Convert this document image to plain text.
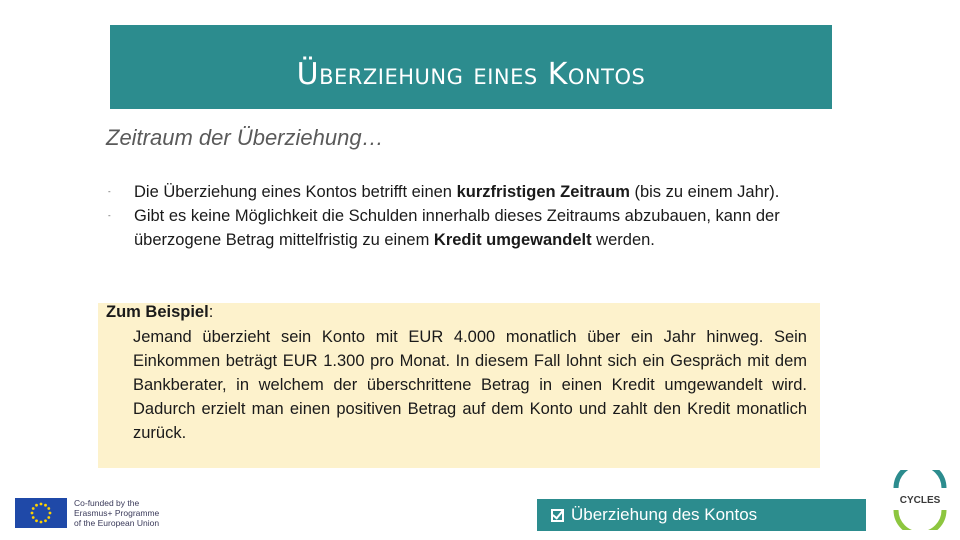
Überziehung eines Kontos
Zeitraum der Überziehung…
- Die Überziehung eines Kontos betrifft einen kurzfristigen Zeitraum (bis zu einem Jahr).
- Gibt es keine Möglichkeit die Schulden innerhalb dieses Zeitraums abzubauen, kann der überzogene Betrag mittelfristig zu einem Kredit umgewandelt werden.
Zum Beispiel:
Jemand überzieht sein Konto mit EUR 4.000 monatlich über ein Jahr hinweg. Sein Einkommen beträgt EUR 1.300 pro Monat. In diesem Fall lohnt sich ein Gespräch mit dem Bankberater, in welchem der überschrittene Betrag in einen Kredit umgewandelt wird. Dadurch erzielt man einen positiven Betrag auf dem Konto und zahlt den Kredit monatlich zurück.
Co-funded by the
Erasmus+ Programme
of the European Union	Überziehung des Kontos
CYCLES
